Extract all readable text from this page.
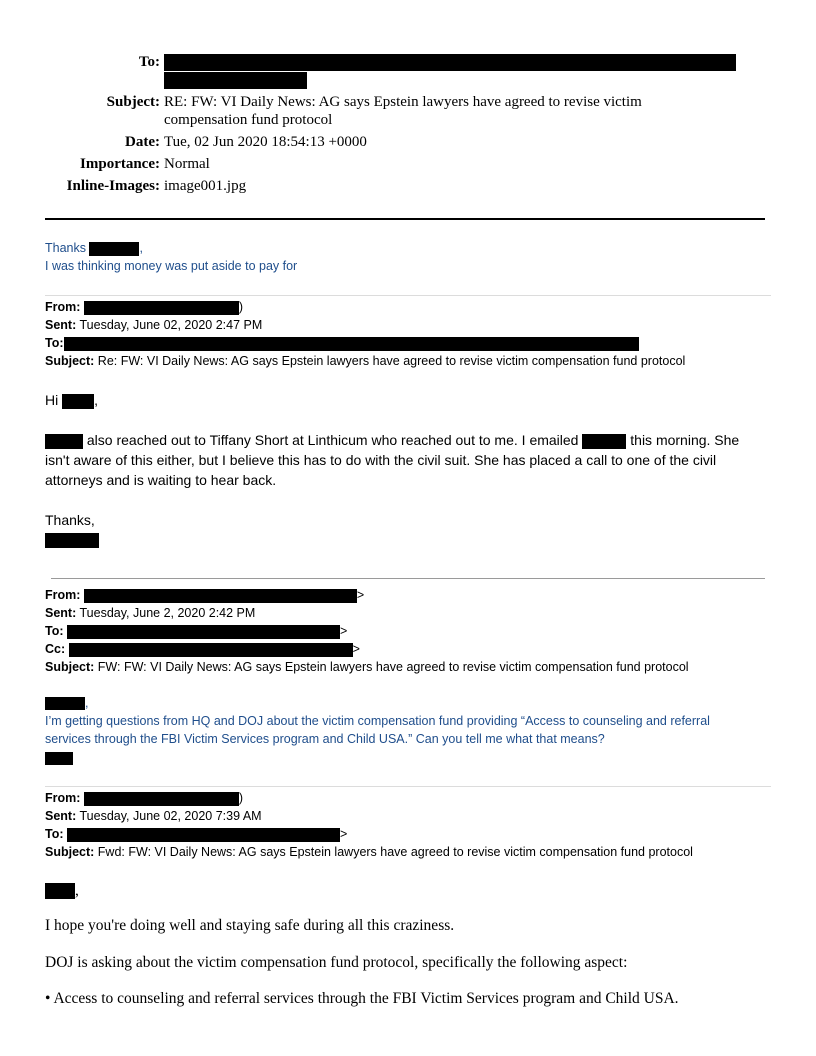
To:
Subject: RE: FW: VI Daily News: AG says Epstein lawyers have agreed to revise victim
compensation fund protocol
Date: Tue, 02 Jun 2020 18:54:13 +0000
Importance: Normal
Inline-Images: image001.jpg
Thanks	,
I was thinking money was put aside to pay for
From:	)
Sent: Tuesday, June 02, 2020 2:47 PM
To:
Subject: Re: FW: VI Daily News: AG says Epstein lawyers have agreed to revise victim compensation fund protocol
Hi	,
also reached out to Tiffany Short at Linthicum who reached out to me. I emailed	this morning. She
isn't aware of this either, but I believe this has to do with the civil suit. She has placed a call to one of the civil
attorneys and is waiting to hear back.
Thanks,
From:	>
Sent: Tuesday, June 2, 2020 2:42 PM
To:	>
Cc:	>
Subject: FW: FW: VI Daily News: AG says Epstein lawyers have agreed to revise victim compensation fund protocol
,
I’m getting questions from HQ and DOJ about the victim compensation fund providing “Access to counseling and referral
services through the FBI Victim Services program and Child USA.” Can you tell me what that means?
From:	)
Sent: Tuesday, June 02, 2020 7:39 AM
To:	>
Subject: Fwd: FW: VI Daily News: AG says Epstein lawyers have agreed to revise victim compensation fund protocol
,
I hope you're doing well and staying safe during all this craziness.
DOJ is asking about the victim compensation fund protocol, specifically the following aspect:
• Access to counseling and referral services through the FBI Victim Services program and Child USA.
